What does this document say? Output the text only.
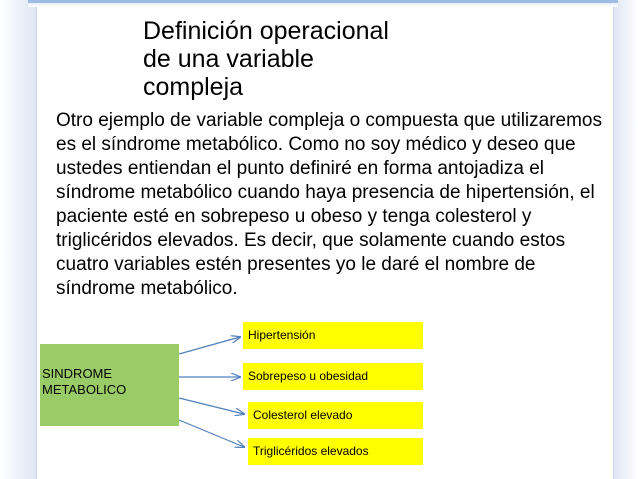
Definición operacional
de una variable
compleja

Otro ejemplo de variable compleja o compuesta que utilizaremos es el síndrome metabólico. Como no soy médico y deseo que ustedes entiendan el punto definiré en forma antojadiza el síndrome metabólico cuando haya presencia de hipertensión, el paciente esté en sobrepeso u obeso y tenga colesterol y triglicéridos elevados. Es decir, que solamente cuando estos cuatro variables estén presentes yo le daré el nombre de síndrome metabólico.

SINDROME
METABOLICO
Hipertensión
Sobrepeso u obesidad
Colesterol elevado
Triglicéridos elevados
